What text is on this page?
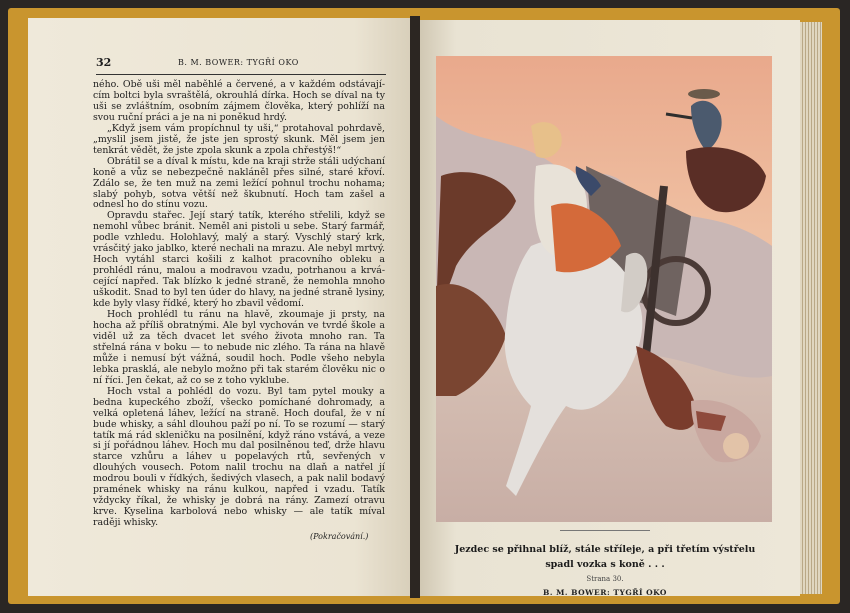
32	B. M. BOWER: TYGŘÍ OKO

ného. Obě uši měl naběhlé a červené, a v každém odstávajícím boltci byla svraštělá, okrouhlá dírka. Hoch se díval na ty uši se zvláštním, osobním zájmem člověka, který pohlíží na svou ruční práci a je na ni poněkud hrdý.

„Když jsem vám propíchnul ty uši,“ protahoval pohrdavě, „myslil jsem jistě, že jste jen sprostý skunk. Měl jsem jen tenkrát vědět, že jste zpola skunk a zpola chřestýš!“

Obrátil se a díval k místu, kde na kraji strže stáli udýchaní koně a vůz se nebezpečně nakláněl přes silné, staré křoví. Zdálo se, že ten muž na zemi ležící pohnul trochu nohama; slabý pohyb, sotva větší než škubnutí. Hoch tam zašel a odnesl ho do stínu vozu.

Opravdu stařec. Její starý tatík, kterého střelili, když se nemohl vůbec bránit. Neměl ani pistoli u sebe. Starý farmář, podle vzhledu. Holohlavý, malý a starý. Vyschlý starý krk, vrásčitý jako jablko, které nechali na mrazu. Ale nebyl mrtvý. Hoch vytáhl starci košili z kalhot pracovního obleku a prohlédl ránu, malou a modravou vzadu, potrhanou a krvácející napřed. Tak blízko k jedné straně, že nemohla mnoho uškodit. Snad to byl ten úder do hlavy, na jedné straně lysiny, kde byly vlasy řídké, který ho zbavil vědomí.

Hoch prohlédl tu ránu na hlavě, zkoumaje ji prsty, na hocha až příliš obratnými. Ale byl vychován ve tvrdé škole a viděl už za těch dvacet let svého života mnoho ran. Ta střelná rána v boku — to nebude nic zlého. Ta rána na hlavě může i nemusí být vážná, soudil hoch. Podle všeho nebyla lebka prasklá, ale nebylo možno při tak starém člověku nic o ní říci. Jen čekat, až co se z toho vyklube.

Hoch vstal a pohlédl do vozu. Byl tam pytel mouky a bedna kupeckého zboží, všecko pomíchané dohromady, a velká opletená láhev, ležící na straně. Hoch doufal, že v ní bude whisky, a sáhl dlouhou paží po ní. To se rozumí — starý tatík má rád skleničku na posilnění, když ráno vstává, a veze si jí pořádnou láhev. Hoch mu dal posilněnou teď, drže hlavu starce vzhůru a láhev u popelavých rtů, sevřených v dlouhých vousech. Potom nalil trochu na dlaň a natřel jí modrou bouli v řídkých, šedivých vlasech, a pak nalil bodavý pramének whisky na ránu kulkou, napřed i vzadu. Tatík vždycky říkal, že whisky je dobrá na rány. Zamezí otravu krve. Kyselina karbolová nebo whisky — ale tatík míval raději whisky.

(Pokračování.)
Jezdec se přihnal blíž, stále stříleje, a při třetím výstřelu
spadl vozka s koně . . .
Strana 30.
B. M. BOWER: TYGŘÍ OKO
